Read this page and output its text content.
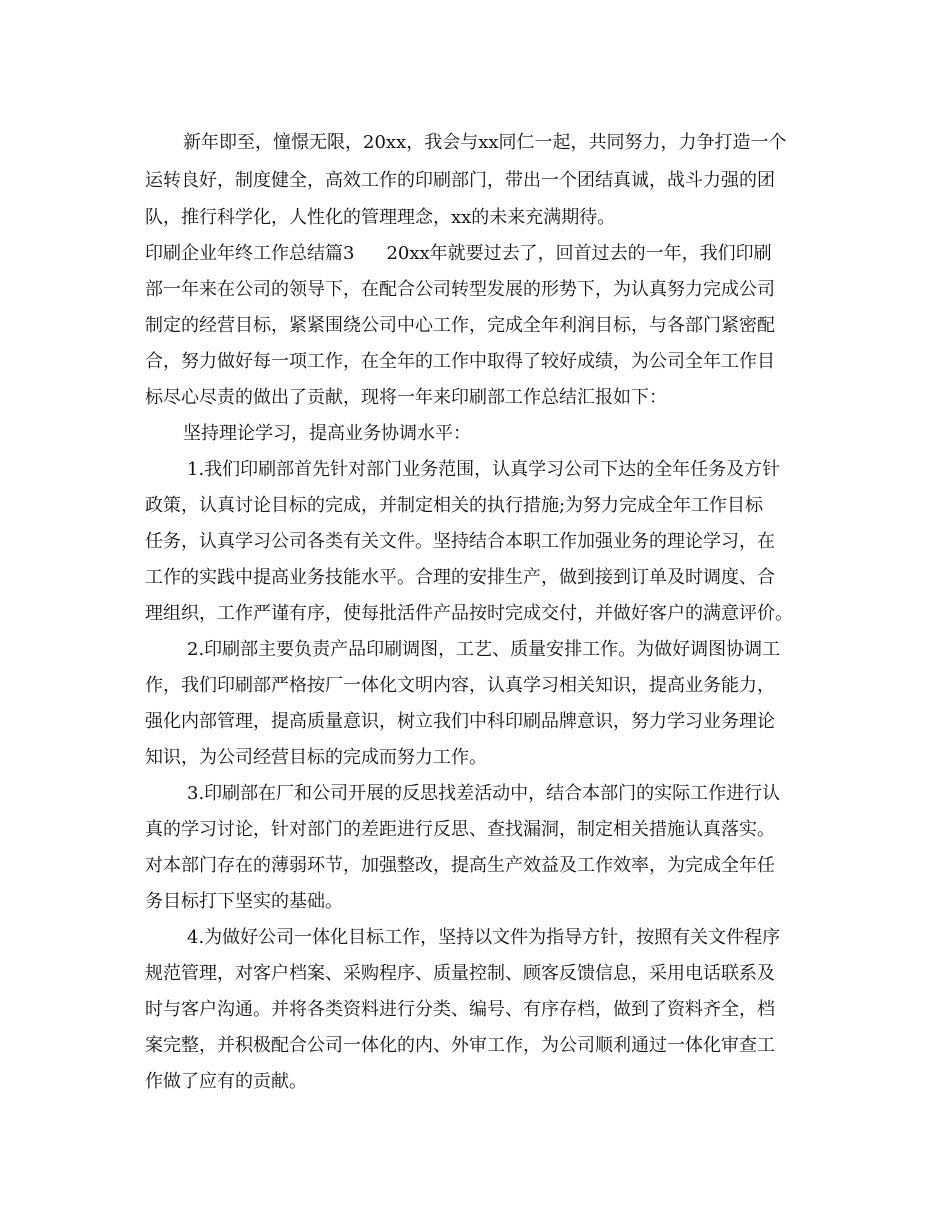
新年即至，憧憬无限，20xx，我会与xx同仁一起，共同努力，力争打造一个
运转良好，制度健全，高效工作的印刷部门，带出一个团结真诚，战斗力强的团
队，推行科学化，人性化的管理理念，xx的未来充满期待。
印刷企业年终工作总结篇3 20xx年就要过去了，回首过去的一年，我们印刷
部一年来在公司的领导下，在配合公司转型发展的形势下，为认真努力完成公司
制定的经营目标，紧紧围绕公司中心工作，完成全年利润目标，与各部门紧密配
合，努力做好每一项工作，在全年的工作中取得了较好成绩，为公司全年工作目
标尽心尽责的做出了贡献，现将一年来印刷部工作总结汇报如下：
坚持理论学习，提高业务协调水平：
1.我们印刷部首先针对部门业务范围，认真学习公司下达的全年任务及方针
政策，认真讨论目标的完成，并制定相关的执行措施;为努力完成全年工作目标
任务，认真学习公司各类有关文件。坚持结合本职工作加强业务的理论学习，在
工作的实践中提高业务技能水平。合理的安排生产，做到接到订单及时调度、合
理组织，工作严谨有序，使每批活件产品按时完成交付，并做好客户的满意评价。
2.印刷部主要负责产品印刷调图，工艺、质量安排工作。为做好调图协调工
作，我们印刷部严格按厂一体化文明内容，认真学习相关知识，提高业务能力，
强化内部管理，提高质量意识，树立我们中科印刷品牌意识，努力学习业务理论
知识，为公司经营目标的完成而努力工作。
3.印刷部在厂和公司开展的反思找差活动中，结合本部门的实际工作进行认
真的学习讨论，针对部门的差距进行反思、查找漏洞，制定相关措施认真落实。
对本部门存在的薄弱环节，加强整改，提高生产效益及工作效率，为完成全年任
务目标打下坚实的基础。
4.为做好公司一体化目标工作，坚持以文件为指导方针，按照有关文件程序
规范管理，对客户档案、采购程序、质量控制、顾客反馈信息，采用电话联系及
时与客户沟通。并将各类资料进行分类、编号、有序存档，做到了资料齐全，档
案完整，并积极配合公司一体化的内、外审工作，为公司顺利通过一体化审查工
作做了应有的贡献。
